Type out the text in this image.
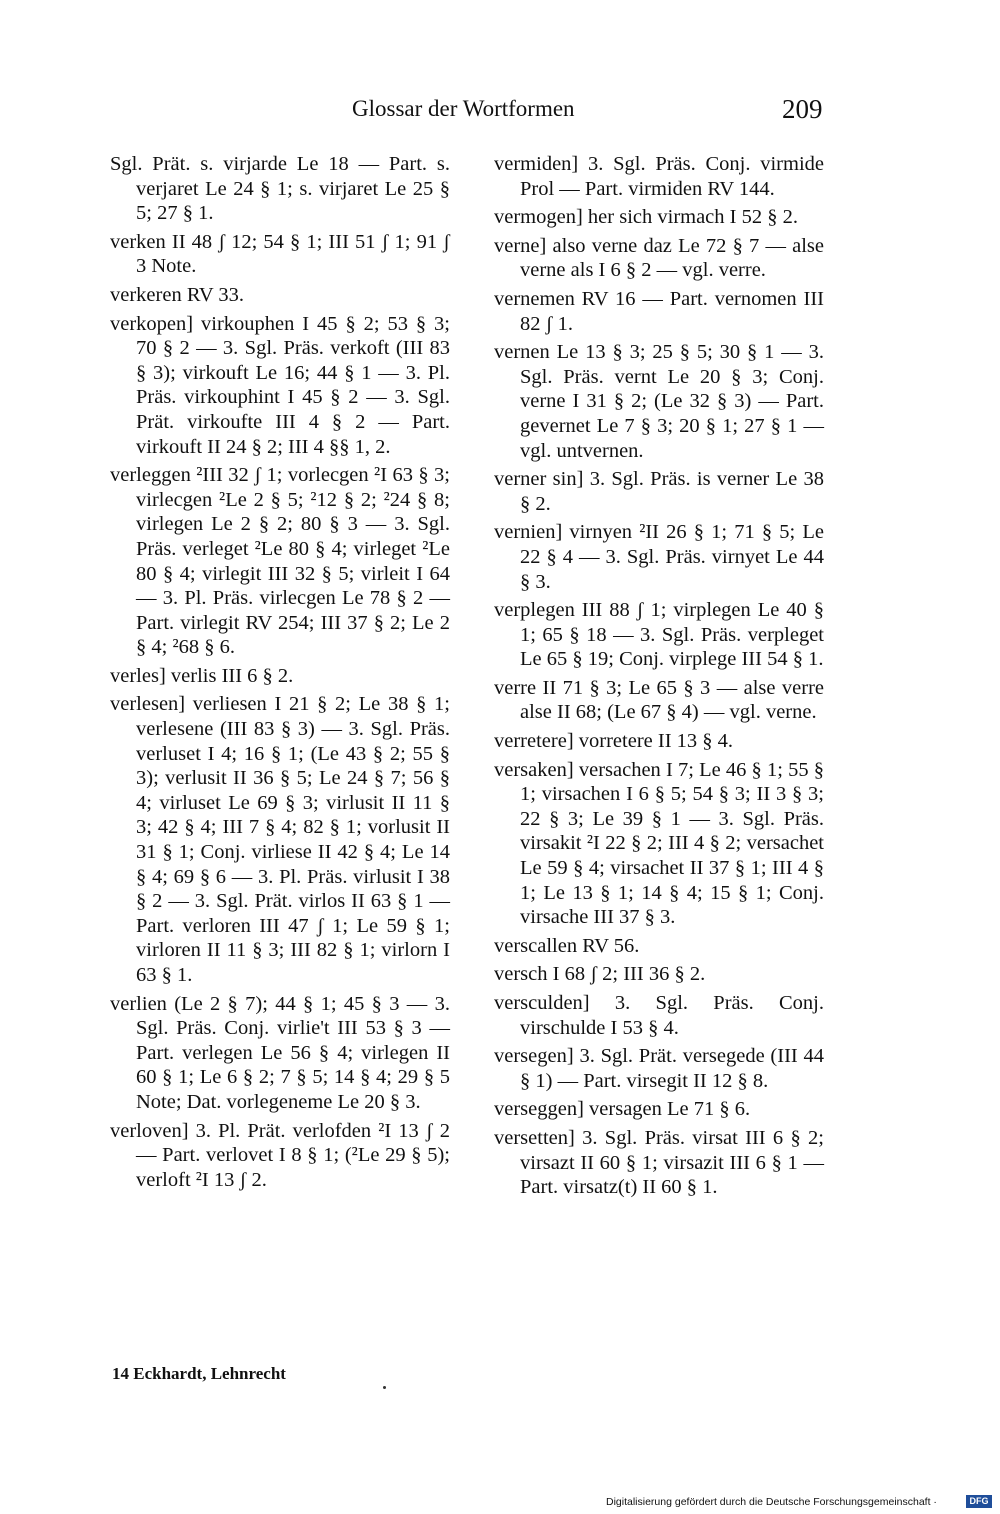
Glossar der Wortformen	209

Sgl. Prät. s. virjarde Le 18 — Part. s. verjaret Le 24 § 1; s. virjaret Le 25 § 5; 27 § 1.

verken II 48 ʃ 12; 54 § 1; III 51 ʃ 1; 91 ʃ 3 Note.

verkeren RV 33.

verkopen] virkouphen I 45 § 2; 53 § 3; 70 § 2 — 3. Sgl. Präs. verkoft (III 83 § 3); virkouft Le 16; 44 § 1 — 3. Pl. Präs. virkouphint I 45 § 2 — 3. Sgl. Prät. virkoufte III 4 § 2 — Part. virkouft II 24 § 2; III 4 §§ 1, 2.

verleggen ²III 32 ʃ 1; vorlecgen ²I 63 § 3; virlecgen ²Le 2 § 5; ²12 § 2; ²24 § 8; virlegen Le 2 § 2; 80 § 3 — 3. Sgl. Präs. verleget ²Le 80 § 4; virleget ²Le 80 § 4; virlegit III 32 § 5; virleit I 64 — 3. Pl. Präs. virlecgen Le 78 § 2 — Part. virlegit RV 254; III 37 § 2; Le 2 § 4; ²68 § 6.

verles] verlis III 6 § 2.

verlesen] verliesen I 21 § 2; Le 38 § 1; verlesene (III 83 § 3) — 3. Sgl. Präs. verluset I 4; 16 § 1; (Le 43 § 2; 55 § 3); verlusit II 36 § 5; Le 24 § 7; 56 § 4; virluset Le 69 § 3; virlusit II 11 § 3; 42 § 4; III 7 § 4; 82 § 1; vorlusit II 31 § 1; Conj. virliese II 42 § 4; Le 14 § 4; 69 § 6 — 3. Pl. Präs. virlusit I 38 § 2 — 3. Sgl. Prät. virlos II 63 § 1 — Part. verloren III 47 ʃ 1; Le 59 § 1; virloren II 11 § 3; III 82 § 1; virlorn I 63 § 1.

verlien (Le 2 § 7); 44 § 1; 45 § 3 — 3. Sgl. Präs. Conj. virlie't III 53 § 3 — Part. verlegen Le 56 § 4; virlegen II 60 § 1; Le 6 § 2; 7 § 5; 14 § 4; 29 § 5 Note; Dat. vorlegeneme Le 20 § 3.

verloven] 3. Pl. Prät. verlofden ²I 13 ʃ 2 — Part. verlovet I 8 § 1; (²Le 29 § 5); verloft ²I 13 ʃ 2.

vermiden] 3. Sgl. Präs. Conj. virmide Prol — Part. virmiden RV 144.

vermogen] her sich virmach I 52 § 2.

verne] also verne daz Le 72 § 7 — alse verne als I 6 § 2 — vgl. verre.

vernemen RV 16 — Part. vernomen III 82 ʃ 1.

vernen Le 13 § 3; 25 § 5; 30 § 1 — 3. Sgl. Präs. vernt Le 20 § 3; Conj. verne I 31 § 2; (Le 32 § 3) — Part. gevernet Le 7 § 3; 20 § 1; 27 § 1 — vgl. untvernen.

verner sin] 3. Sgl. Präs. is verner Le 38 § 2.

vernien] virnyen ²II 26 § 1; 71 § 5; Le 22 § 4 — 3. Sgl. Präs. virnyet Le 44 § 3.

verplegen III 88 ʃ 1; virplegen Le 40 § 1; 65 § 18 — 3. Sgl. Präs. verpleget Le 65 § 19; Conj. virplege III 54 § 1.

verre II 71 § 3; Le 65 § 3 — alse verre alse II 68; (Le 67 § 4) — vgl. verne.

verretere] vorretere II 13 § 4.

versaken] versachen I 7; Le 46 § 1; 55 § 1; virsachen I 6 § 5; 54 § 3; II 3 § 3; 22 § 3; Le 39 § 1 — 3. Sgl. Präs. virsakit ²I 22 § 2; III 4 § 2; versachet Le 59 § 4; virsachet II 37 § 1; III 4 § 1; Le 13 § 1; 14 § 4; 15 § 1; Conj. virsache III 37 § 3.

verscallen RV 56.

versch I 68 ʃ 2; III 36 § 2.

versculden] 3. Sgl. Präs. Conj. virschulde I 53 § 4.

versegen] 3. Sgl. Prät. versegede (III 44 § 1) — Part. virsegit II 12 § 8.

verseggen] versagen Le 71 § 6.

versetten] 3. Sgl. Präs. virsat III 6 § 2; virsazt II 60 § 1; virsazit III 6 § 1 — Part. virsatz(t) II 60 § 1.

14 Eckhardt, Lehnrecht
Digitalisierung gefördert durch die Deutsche Forschungsgemeinschaft ·	DFG
